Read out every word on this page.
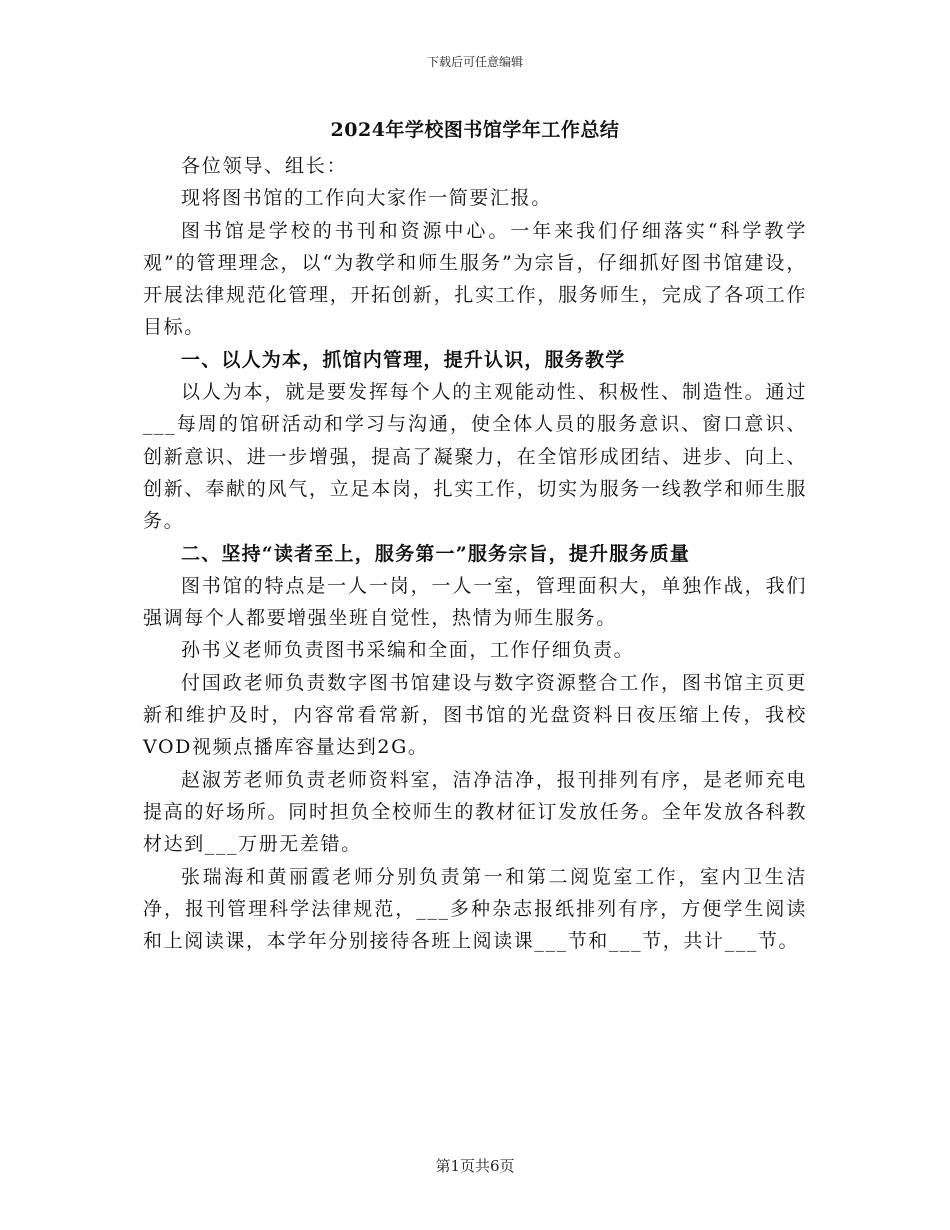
下载后可任意编辑
2024年学校图书馆学年工作总结

各位领导、组长：

现将图书馆的工作向大家作一简要汇报。

图书馆是学校的书刊和资源中心。一年来我们仔细落实“科学教学观”的管理理念，以“为教学和师生服务”为宗旨，仔细抓好图书馆建设，开展法律规范化管理，开拓创新，扎实工作，服务师生，完成了各项工作目标。

一、以人为本，抓馆内管理，提升认识，服务教学

以人为本，就是要发挥每个人的主观能动性、积极性、制造性。通过___每周的馆研活动和学习与沟通，使全体人员的服务意识、窗口意识、创新意识、进一步增强，提高了凝聚力，在全馆形成团结、进步、向上、创新、奉献的风气，立足本岗，扎实工作，切实为服务一线教学和师生服务。

二、坚持“读者至上，服务第一”服务宗旨，提升服务质量

图书馆的特点是一人一岗，一人一室，管理面积大，单独作战，我们强调每个人都要增强坐班自觉性，热情为师生服务。

孙书义老师负责图书采编和全面，工作仔细负责。

付国政老师负责数字图书馆建设与数字资源整合工作，图书馆主页更新和维护及时，内容常看常新，图书馆的光盘资料日夜压缩上传，我校VOD视频点播库容量达到2G。

赵淑芳老师负责老师资料室，洁净洁净，报刊排列有序，是老师充电提高的好场所。同时担负全校师生的教材征订发放任务。全年发放各科教材达到___万册无差错。

张瑞海和黄丽霞老师分别负责第一和第二阅览室工作，室内卫生洁净，报刊管理科学法律规范，___多种杂志报纸排列有序，方便学生阅读和上阅读课，本学年分别接待各班上阅读课___节和___节，共计___节。

第1页共6页
